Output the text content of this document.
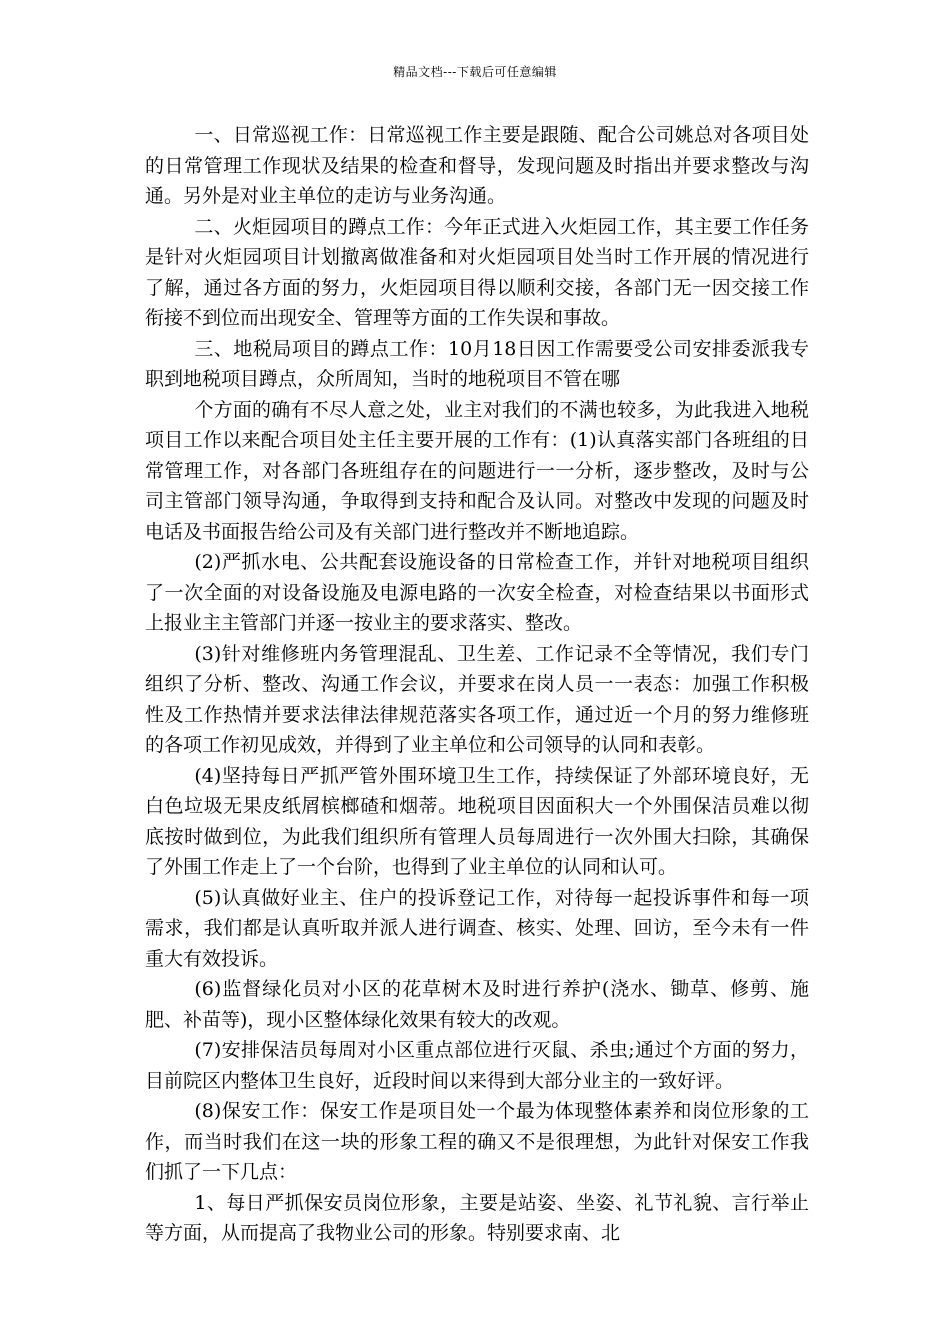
精品文档---下载后可任意编辑

一、日常巡视工作：日常巡视工作主要是跟随、配合公司姚总对各项目处的日常管理工作现状及结果的检查和督导，发现问题及时指出并要求整改与沟通。另外是对业主单位的走访与业务沟通。

二、火炬园项目的蹲点工作：今年正式进入火炬园工作，其主要工作任务是针对火炬园项目计划撤离做准备和对火炬园项目处当时工作开展的情况进行了解，通过各方面的努力，火炬园项目得以顺利交接，各部门无一因交接工作衔接不到位而出现安全、管理等方面的工作失误和事故。

三、地税局项目的蹲点工作：10月18日因工作需要受公司安排委派我专职到地税项目蹲点，众所周知，当时的地税项目不管在哪

个方面的确有不尽人意之处，业主对我们的不满也较多，为此我进入地税项目工作以来配合项目处主任主要开展的工作有：(1)认真落实部门各班组的日常管理工作，对各部门各班组存在的问题进行一一分析，逐步整改，及时与公司主管部门领导沟通，争取得到支持和配合及认同。对整改中发现的问题及时电话及书面报告给公司及有关部门进行整改并不断地追踪。

(2)严抓水电、公共配套设施设备的日常检查工作，并针对地税项目组织了一次全面的对设备设施及电源电路的一次安全检查，对检查结果以书面形式上报业主主管部门并逐一按业主的要求落实、整改。

(3)针对维修班内务管理混乱、卫生差、工作记录不全等情况，我们专门组织了分析、整改、沟通工作会议，并要求在岗人员一一表态：加强工作积极性及工作热情并要求法律法律规范落实各项工作，通过近一个月的努力维修班的各项工作初见成效，并得到了业主单位和公司领导的认同和表彰。

(4)坚持每日严抓严管外围环境卫生工作，持续保证了外部环境良好，无白色垃圾无果皮纸屑槟榔碴和烟蒂。地税项目因面积大一个外围保洁员难以彻底按时做到位，为此我们组织所有管理人员每周进行一次外围大扫除，其确保了外围工作走上了一个台阶，也得到了业主单位的认同和认可。

(5)认真做好业主、住户的投诉登记工作，对待每一起投诉事件和每一项需求，我们都是认真听取并派人进行调查、核实、处理、回访，至今未有一件重大有效投诉。

(6)监督绿化员对小区的花草树木及时进行养护(浇水、锄草、修剪、施肥、补苗等)，现小区整体绿化效果有较大的改观。

(7)安排保洁员每周对小区重点部位进行灭鼠、杀虫;通过个方面的努力，目前院区内整体卫生良好，近段时间以来得到大部分业主的一致好评。

(8)保安工作：保安工作是项目处一个最为体现整体素养和岗位形象的工作，而当时我们在这一块的形象工程的确又不是很理想，为此针对保安工作我们抓了一下几点：

1、每日严抓保安员岗位形象，主要是站姿、坐姿、礼节礼貌、言行举止等方面，从而提高了我物业公司的形象。特别要求南、北
